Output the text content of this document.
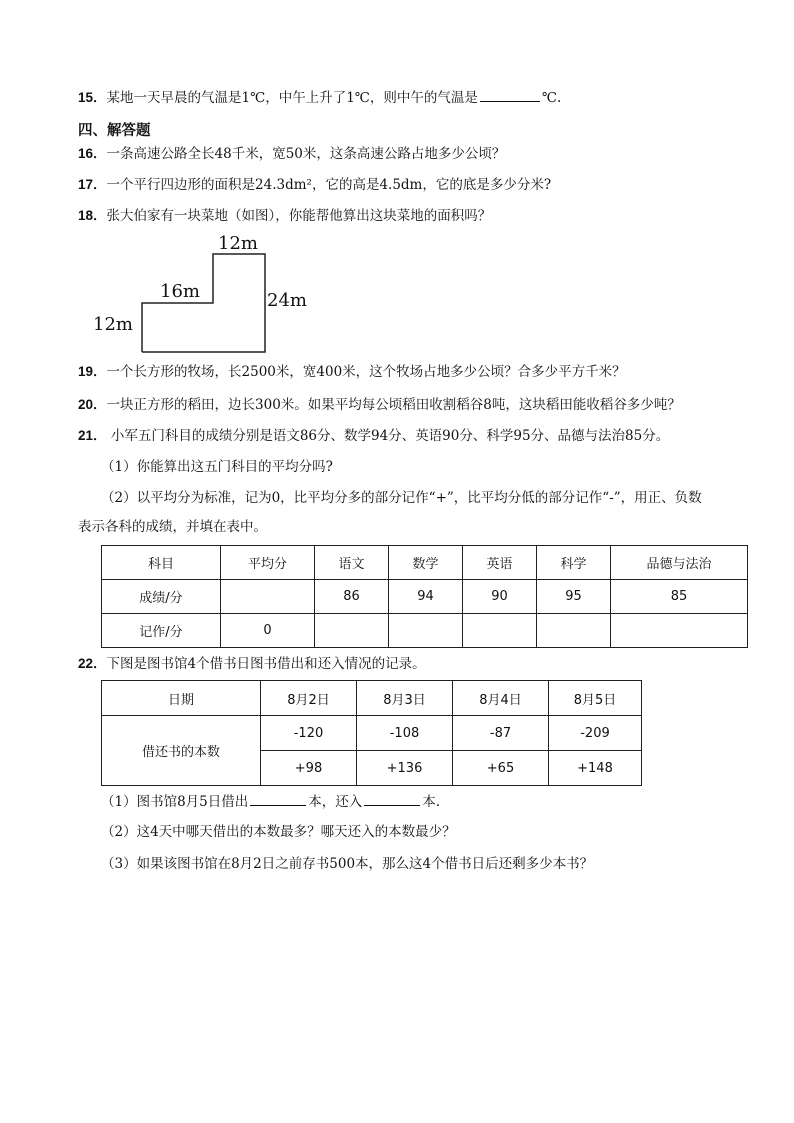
15．某地一天早晨的气温是1℃，中午上升了1℃，则中午的气温是	℃.
四、解答题
16．一条高速公路全长48千米，宽50米，这条高速公路占地多少公顷？
17．一个平行四边形的面积是24.3dm²，它的高是4.5dm，它的底是多少分米?
18．张大伯家有一块菜地（如图），你能帮他算出这块菜地的面积吗？
12m
16m	24m
12m
19．一个长方形的牧场，长2500米，宽400米，这个牧场占地多少公顷？合多少平方千米？
20．一块正方形的稻田，边长300米。如果平均每公顷稻田收割稻谷8吨，这块稻田能收稻谷多少吨？
21． 小军五门科目的成绩分别是语文86分、数学94分、英语90分、科学95分、品德与法治85分。
（1）你能算出这五门科目的平均分吗?
（2）以平均分为标准，记为0，比平均分多的部分记作“+”，比平均分低的部分记作“-”，用正、负数
表示各科的成绩，并填在表中。
科目	平均分	语文	数学	英语	科学	品德与法治
成绩/分		86	94	90	95	85
记作/分	0					
22．下图是图书馆4个借书日图书借出和还入情况的记录。
日期	8月2日	8月3日	8月4日	8月5日
借还书的本数	-120	-108	-87	-209
	+98	+136	+65	+148
（1）图书馆8月5日借出	本，还入	本.
（2）这4天中哪天借出的本数最多？哪天还入的本数最少？
（3）如果该图书馆在8月2日之前存书500本，那么这4个借书日后还剩多少本书？
